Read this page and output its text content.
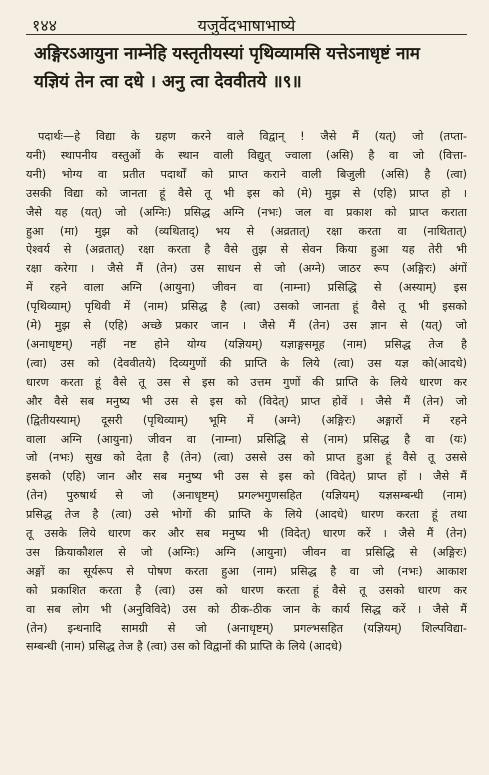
१४४	यजुर्वेदभाषाभाष्ये
अङ्गिरऽआयुना नाम्नेहि यस्तृतीयस्यां पृथिव्यामसि यत्तेऽनाधृष्टं नाम
यज्ञियं तेन त्वा दधे । अनु त्वा देववीतये ॥९॥
पदार्थः—हे विद्या के ग्रहण करने वाले विद्वान् ! जैसे मैं (यत्) जो (तप्ता-
यनी) स्थापनीय वस्तुओं के स्थान वाली विद्युत् ज्वाला (असि) है वा जो (वित्ता-
यनी) भोग्य वा प्रतीत पदार्थों को प्राप्त कराने वाली बिजुली (असि) है (त्वा)
उसकी विद्या को जानता हूं वैसे तू भी इस को (मे) मुझ से (एहि) प्राप्त हो ।
जैसे यह (यत्) जो (अग्निः) प्रसिद्ध अग्नि (नभः) जल वा प्रकाश को प्राप्त कराता
हुआ (मा) मुझ को (व्यथिताद्) भय से (अव्रतात्) रक्षा करता वा (नाथितात्)
ऐश्वर्य से (अव्रतात्) रक्षा करता है वैसे तुझ से सेवन किया हुआ यह तेरी भी
रक्षा करेगा । जैसे मैं (तेन) उस साधन से जो (अग्ने) जाठर रूप (अङ्गिरः) अंगों
में रहने वाला अग्नि (आयुना) जीवन वा (नाम्ना) प्रसिद्धि से (अस्याम्) इस
(पृथिव्याम्) पृथिवी में (नाम) प्रसिद्ध है (त्वा) उसको जानता हूं वैसे तू भी इसको
(मे) मुझ से (एहि) अच्छे प्रकार जान । जैसे मैं (तेन) उस ज्ञान से (यत्) जो
(अनाधृष्टम्) नहीं नष्ट होने योग्य (यज्ञियम्) यज्ञाङ्गसमूह (नाम) प्रसिद्ध तेज है
(त्वा) उस को (देववीतये) दिव्यगुणों की प्राप्ति के लिये (त्वा) उस यज्ञ को(आदधे)
धारण करता हूं वैसे तू उस से इस को उत्तम गुणों की प्राप्ति के लिये धारण कर
और वैसे सब मनुष्य भी उस से इस को (विदेत्) प्राप्त होवें । जैसे मैं (तेन) जो
(द्वितीयस्याम्) दूसरी (पृथिव्याम्) भूमि में (अग्ने) (अङ्गिरः) अङ्गारों में रहने
वाला अग्नि (आयुना) जीवन वा (नाम्ना) प्रसिद्धि से (नाम) प्रसिद्ध है वा (यः)
जो (नभः) सुख को देता है (तेन) (त्वा) उससे उस को प्राप्त हुआ हूं वैसे तू उससे
इसको (एहि) जान और सब मनुष्य भी उस से इस को (विदेत्) प्राप्त हों । जैसे मैं
(तेन) पुरुषार्थ से जो (अनाधृष्टम्) प्रगल्भगुणसहित (यज्ञियम्) यज्ञसम्बन्धी (नाम)
प्रसिद्ध तेज है (त्वा) उसे भोगों की प्राप्ति के लिये (आदधे) धारण करता हूं तथा
तू उसके लिये धारण कर और सब मनुष्य भी (विदेत्) धारण करें । जैसे मैं (तेन)
उस क्रियाकौशल से जो (अग्निः) अग्नि (आयुना) जीवन वा प्रसिद्धि से (अङ्गिरः)
अङ्गों का सूर्यरूप से पोषण करता हुआ (नाम) प्रसिद्ध है वा जो (नभः) आकाश
को प्रकाशित करता है (त्वा) उस को धारण करता हूं वैसे तू उसको धारण कर
वा सब लोग भी (अनुविविदे) उस को ठीक-ठीक जान के कार्य सिद्ध करें । जैसे मैं
(तेन) इन्धनादि सामग्री से जो (अनाधृष्टम्) प्रगल्भसहित (यज्ञियम्) शिल्पविद्या-
सम्बन्धी (नाम) प्रसिद्ध तेज है (त्वा) उस को विद्वानों की प्राप्ति के लिये (आदधे)
